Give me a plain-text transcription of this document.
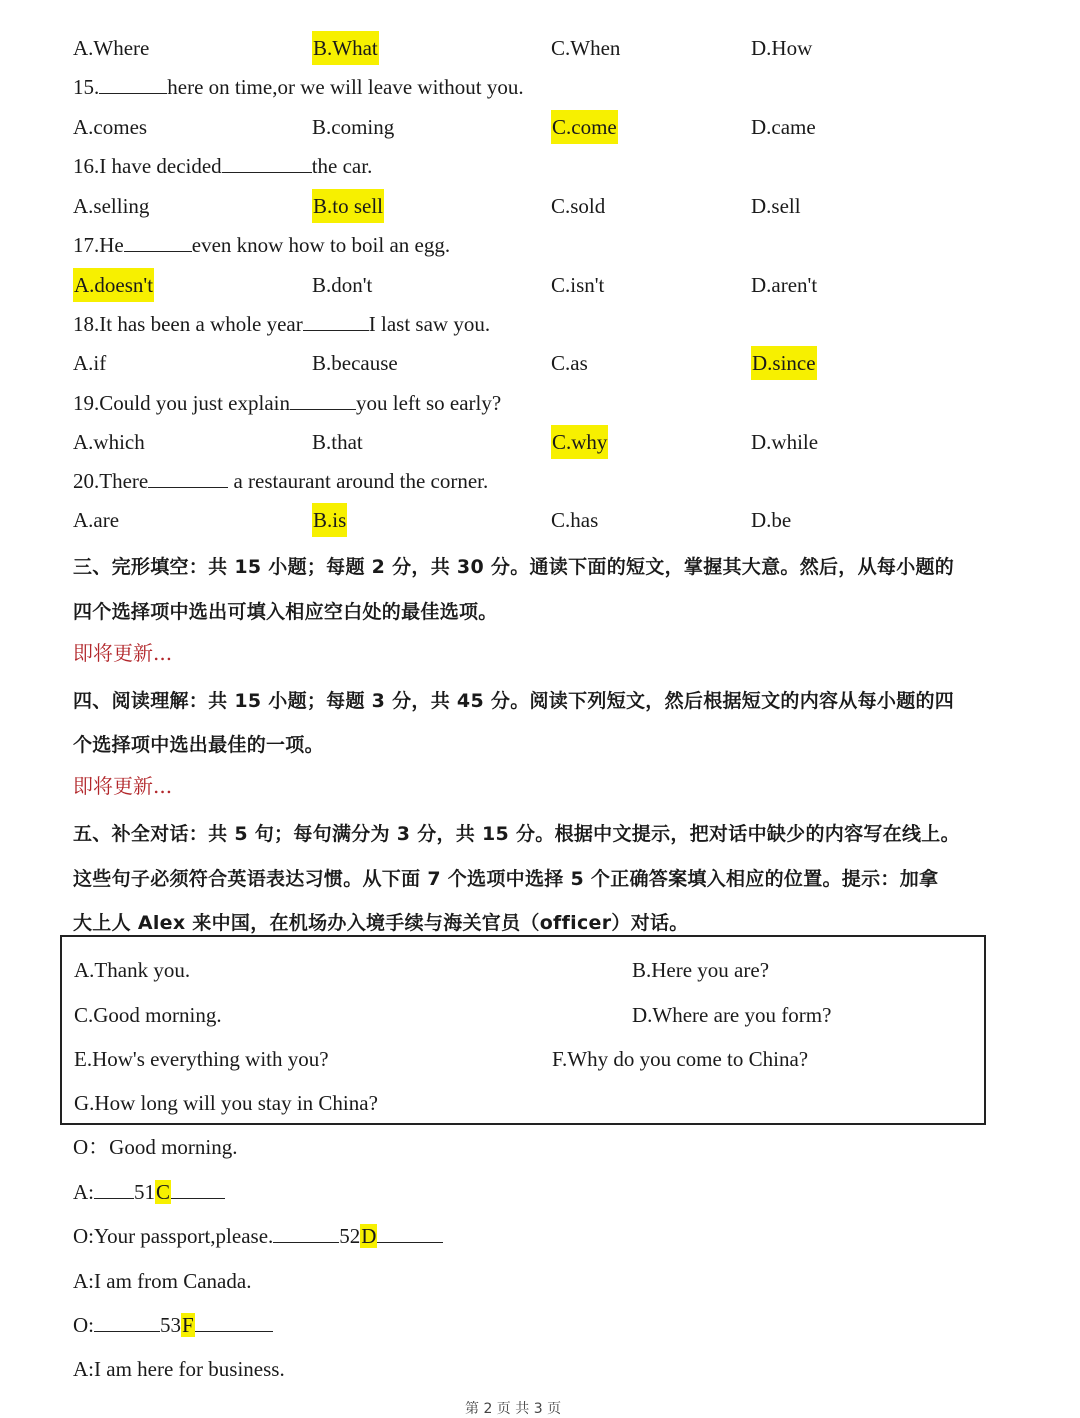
A.Where	B.What	C.When	D.How
15.	here on time,or we will leave without you.
A.comes	B.coming	C.come	D.came
16.I have decided	the car.
A.selling	B.to sell	C.sold	D.sell
17.He	even know how to boil an egg.
A.doesn't	B.don't	C.isn't	D.aren't
18.It has been a whole year	I last saw you.
A.if	B.because	C.as	D.since
19.Could you just explain	you left so early?
A.which	B.that	C.why	D.while
20.There	a restaurant around the corner.
A.are	B.is	C.has	D.be
三、完形填空：共 15 小题；每题 2 分，共 30 分。通读下面的短文，掌握其大意。然后，从每小题的
四个选择项中选出可填入相应空白处的最佳选项。
即将更新...
四、阅读理解：共 15 小题；每题 3 分，共 45 分。阅读下列短文，然后根据短文的内容从每小题的四
个选择项中选出最佳的一项。
即将更新...
五、补全对话：共 5 句；每句满分为 3 分，共 15 分。根据中文提示，把对话中缺少的内容写在线上。
这些句子必须符合英语表达习惯。从下面 7 个选项中选择 5 个正确答案填入相应的位置。提示：加拿
大上人 Alex 来中国，在机场办入境手续与海关官员（officer）对话。
A.Thank you.	B.Here you are?
C.Good morning.	D.Where are you form?
E.How's everything with you?	F.Why do you come to China?
G.How long will you stay in China?
O：Good morning.
A: 51C
O:Your passport,please.	52D
A:I am from Canada.
O:	53F
A:I am here for business.
第 2 页 共 3 页
